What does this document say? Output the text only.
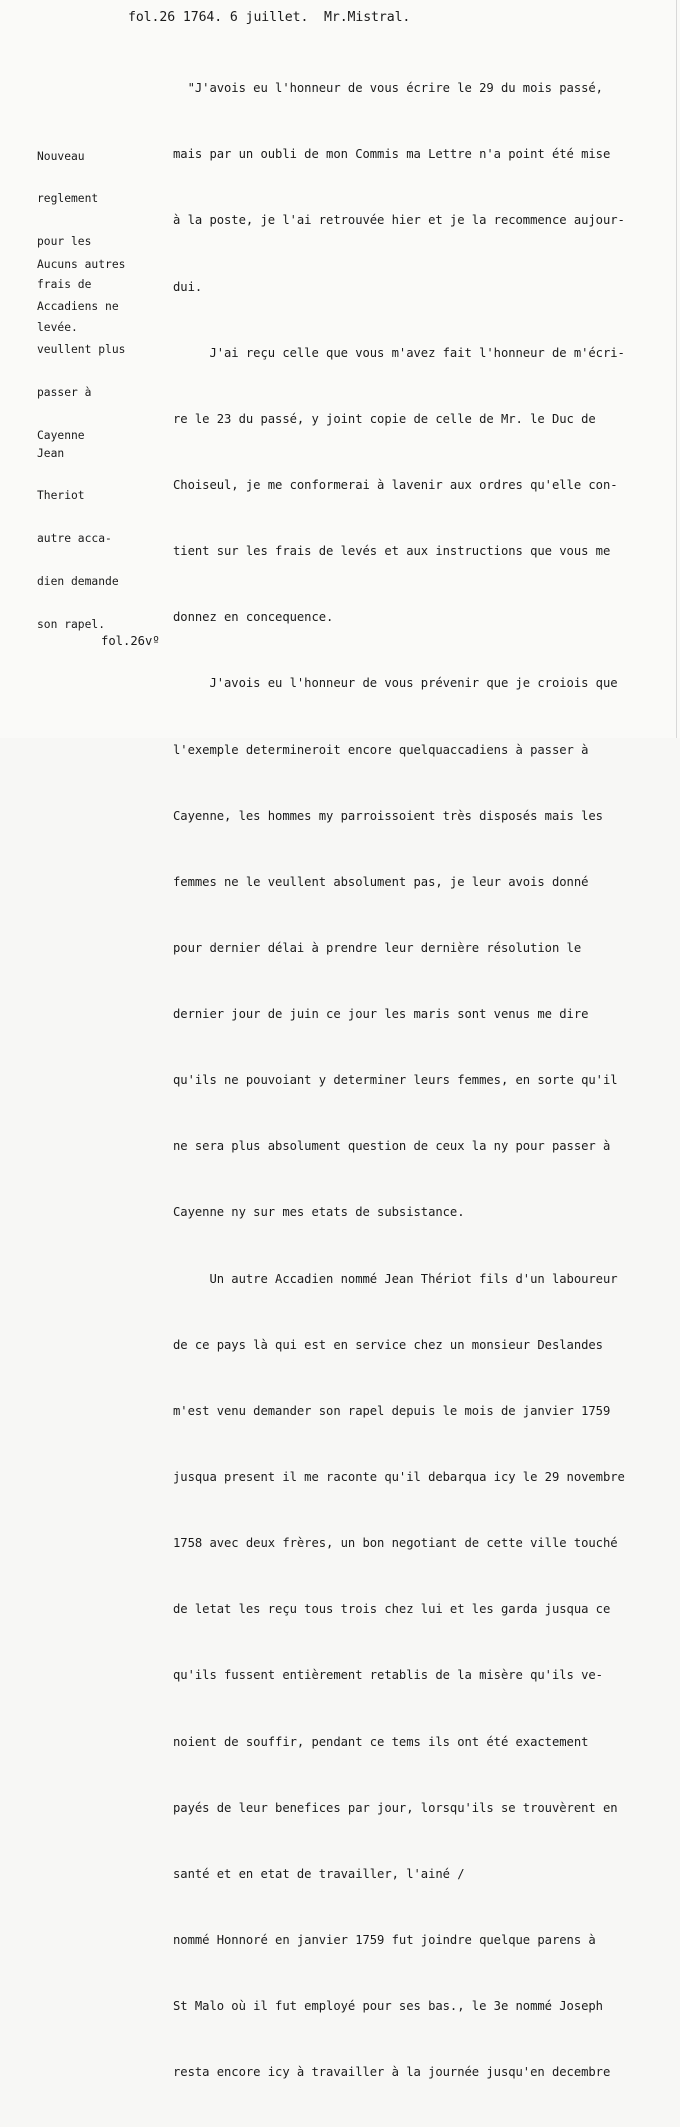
fol.26 1764. 6 juillet. Mr.Mistral.

"J'avois eu l'honneur de vous écrire le 29 du mois passé,

mais par un oubli de mon Commis ma Lettre n'a point été mise

à la poste, je l'ai retrouvée hier et je la recommence aujour-

dui.

J'ai reçu celle que vous m'avez fait l'honneur de m'écri-

re le 23 du passé, y joint copie de celle de Mr. le Duc de

Choiseul, je me conformerai à lavenir aux ordres qu'elle con-

tient sur les frais de levés et aux instructions que vous me

donnez en concequence.

J'avois eu l'honneur de vous prévenir que je croiois que

l'exemple determineroit encore quelquaccadiens à passer à

Cayenne, les hommes my parroissoient très disposés mais les

femmes ne le veullent absolument pas, je leur avois donné

pour dernier délai à prendre leur dernière résolution le

dernier jour de juin ce jour les maris sont venus me dire

qu'ils ne pouvoiant y determiner leurs femmes, en sorte qu'il

ne sera plus absolument question de ceux la ny pour passer à

Cayenne ny sur mes etats de subsistance.

Un autre Accadien nommé Jean Thériot fils d'un laboureur

de ce pays là qui est en service chez un monsieur Deslandes

m'est venu demander son rapel depuis le mois de janvier 1759

jusqua present il me raconte qu'il debarqua icy le 29 novembre

1758 avec deux frères, un bon negotiant de cette ville touché

de letat les reçu tous trois chez lui et les garda jusqua ce

qu'ils fussent entièrement retablis de la misère qu'ils ve-

noient de souffir, pendant ce tems ils ont été exactement

payés de leur benefices par jour, lorsqu'ils se trouvèrent en

santé et en etat de travailler, l'ainé /

nommé Honnoré en janvier 1759 fut joindre quelque parens à

St Malo où il fut employé pour ses bas., le 3e nommé Joseph

resta encore icy à travailler à la journée jusqu'en decembre

Nouveau

reglement

pour les

frais de

levée.

Aucuns autres

Accadiens ne

veullent plus

passer à

Cayenne

Jean

Theriot

autre acca-

dien demande

son rapel.

fol.26vº
